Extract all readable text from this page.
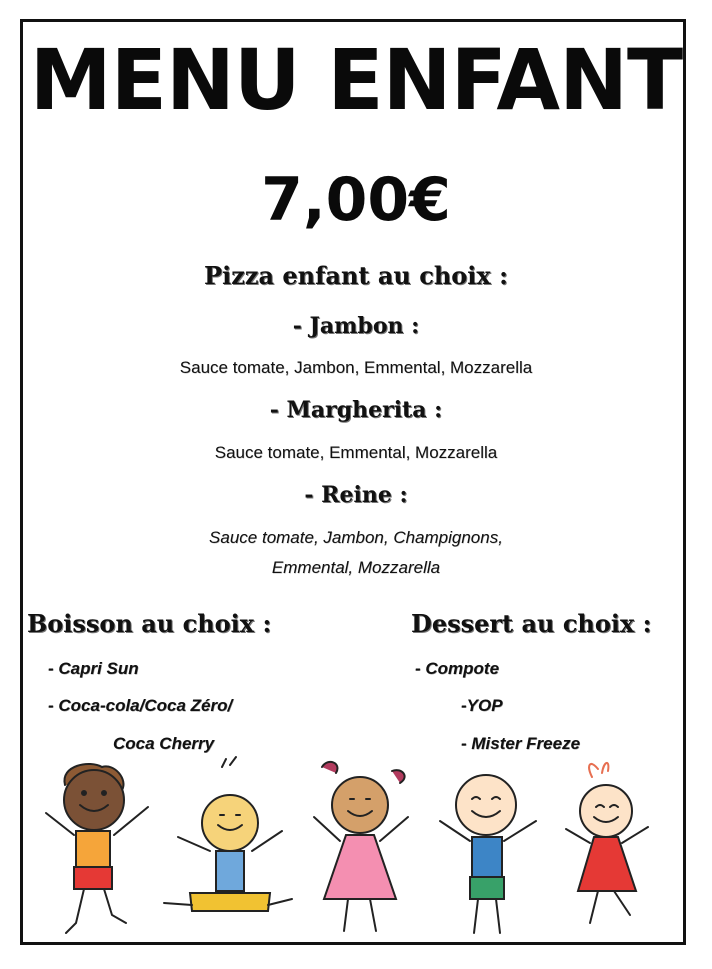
MENU ENFANT
7,00€
Pizza enfant au choix :
- Jambon :
Sauce tomate, Jambon, Emmental, Mozzarella
- Margherita :
Sauce tomate, Emmental, Mozzarella
- Reine :
Sauce tomate, Jambon, Champignons,
Emmental, Mozzarella
Boisson au choix :
- Capri Sun
- Coca-cola/Coca Zéro/
Coca Cherry
Dessert au choix :
- Compote
-YOP
- Mister Freeze
